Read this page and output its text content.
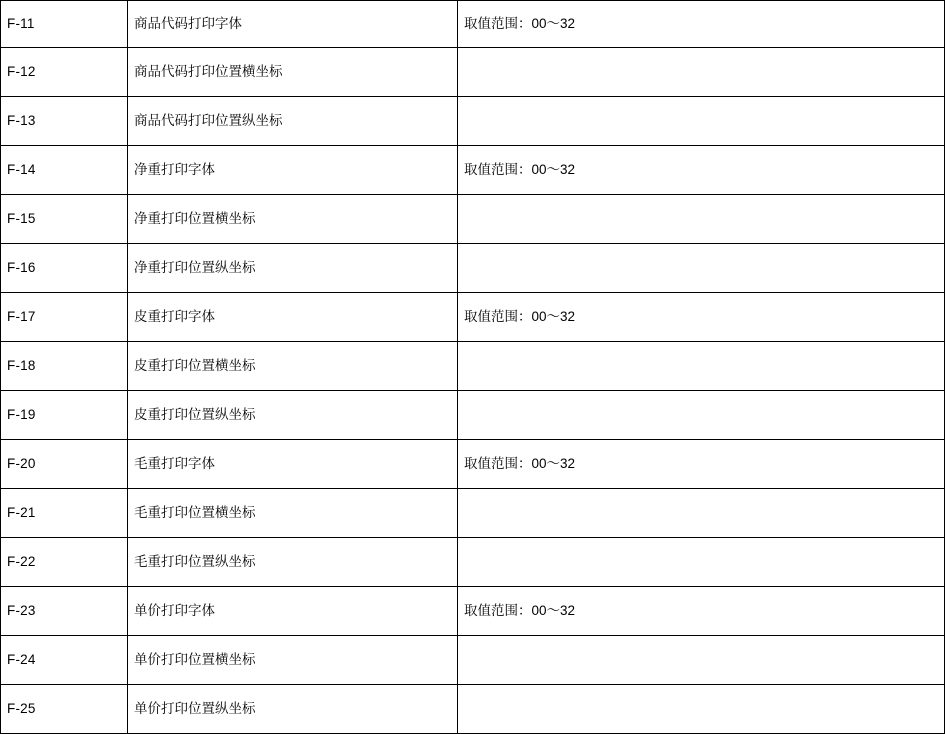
F-11	商品代码打印字体	取值范围：00～32
F-12	商品代码打印位置横坐标	
F-13	商品代码打印位置纵坐标	
F-14	净重打印字体	取值范围：00～32
F-15	净重打印位置横坐标	
F-16	净重打印位置纵坐标	
F-17	皮重打印字体	取值范围：00～32
F-18	皮重打印位置横坐标	
F-19	皮重打印位置纵坐标	
F-20	毛重打印字体	取值范围：00～32
F-21	毛重打印位置横坐标	
F-22	毛重打印位置纵坐标	
F-23	单价打印字体	取值范围：00～32
F-24	单价打印位置横坐标	
F-25	单价打印位置纵坐标	
